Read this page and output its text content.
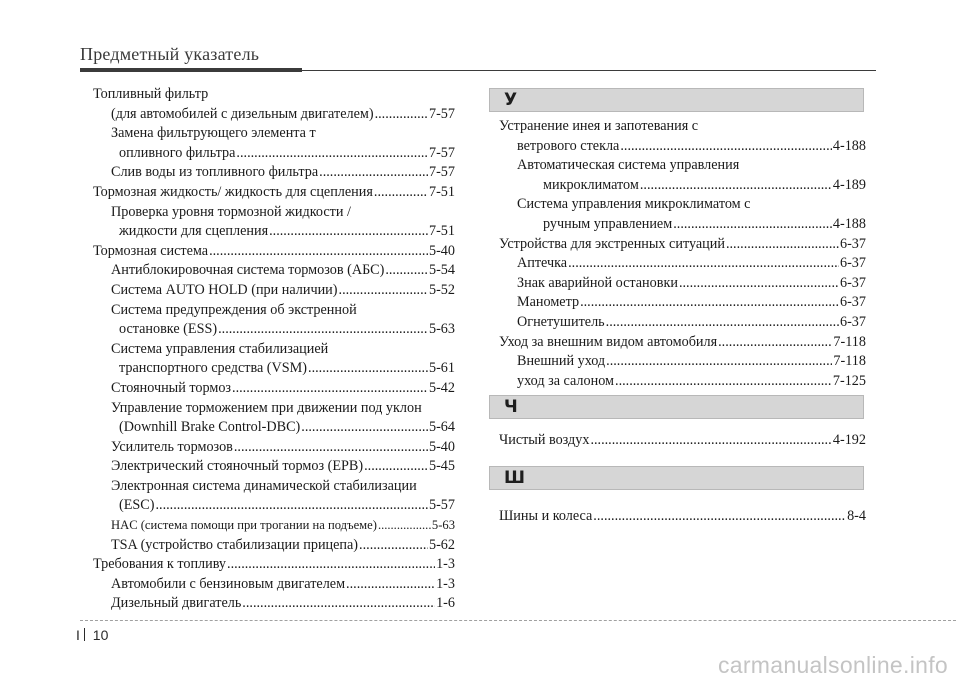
Предметный указатель
Топливный фильтр
(для автомобилей с дизельным двигателем) .....	7-57
Замена фильтрующего элемента т
опливного фильтра .....	7-57
Слив воды из топливного фильтра .....	7-57
Тормозная жидкость/ жидкость для сцепления .....	7-51
Проверка уровня тормозной жидкости /
жидкости для сцепления .....	7-51
Тормозная система .....	5-40
Антиблокировочная система тормозов (АБС) .....	5-54
Система AUTO HOLD (при наличии) .....	5-52
Система предупреждения об экстренной
остановке (ESS) .....	5-63
Система управления стабилизацией
транспортного средства (VSM) .....	5-61
Стояночный тормоз .....	5-42
Управление торможением при движении под уклон
(Downhill Brake Control-DBC) .....	5-64
Усилитель тормозов .....	5-40
Электрический стояночный тормоз (EPB) .....	5-45
Электронная система динамической стабилизации
(ESC) .....	5-57
HAC (система помощи при трогании на подъеме) .....	5-63
TSA (устройство стабилизации прицепа) .....	5-62
Требования к топливу .....	1-3
Автомобили с бензиновым двигателем .....	1-3
Дизельный двигатель .....	1-6
У
Устранение инея и запотевания с
ветрового стекла .....	4-188
Автоматическая система управления
микроклиматом .....	4-189
Система управления микроклиматом с
ручным управлением .....	4-188
Устройства для экстренных ситуаций .....	6-37
Аптечка .....	6-37
Знак аварийной остановки .....	6-37
Манометр .....	6-37
Огнетушитель .....	6-37
Уход за внешним видом автомобиля .....	7-118
Внешний уход .....	7-118
уход за салоном .....	7-125
Ч
Чистый воздух .....	4-192
Ш
Шины и колеса .....	8-4
I 10
carmanualsonline.info
